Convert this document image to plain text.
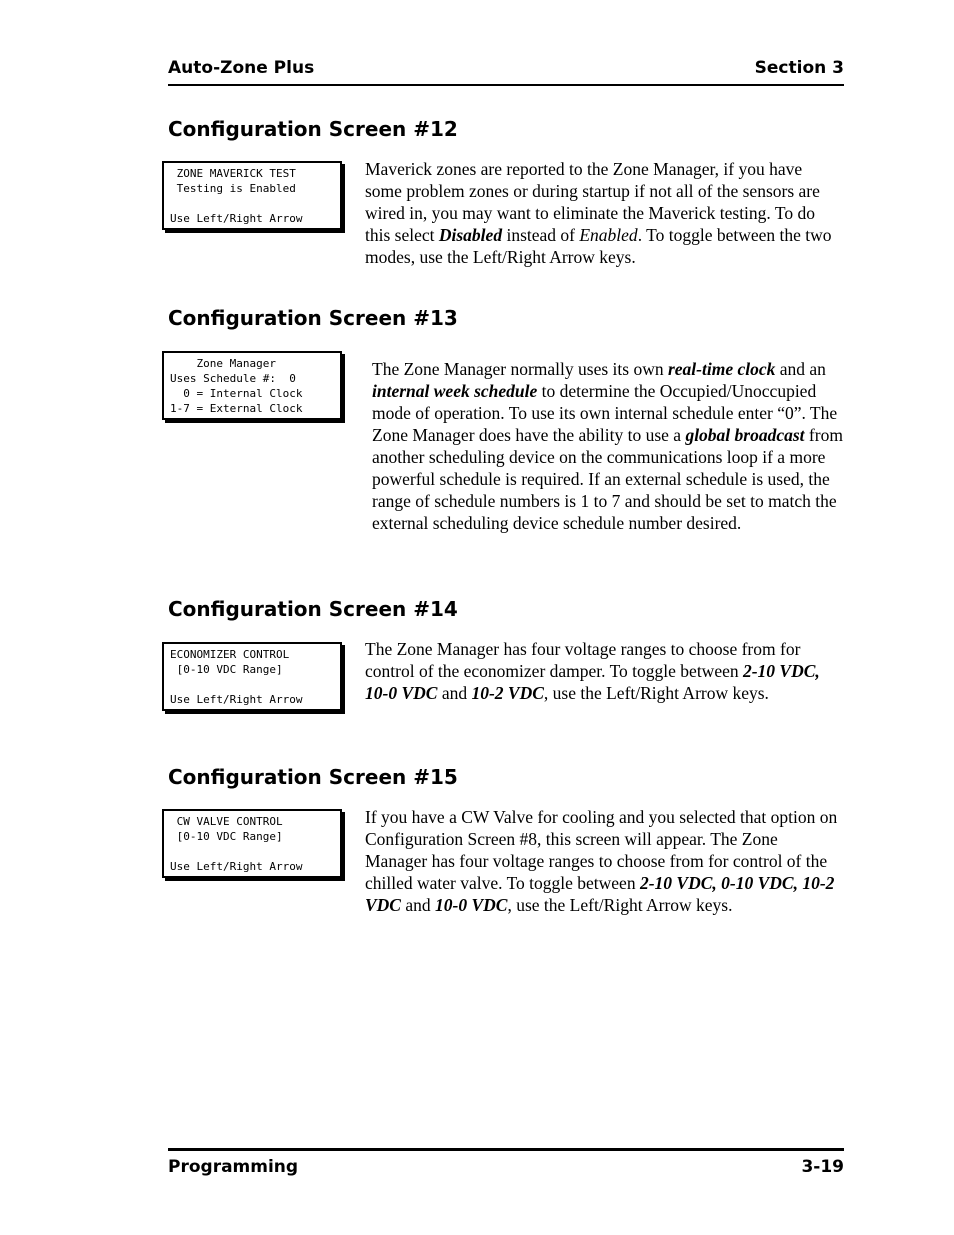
Auto-Zone Plus	Section 3
Configuration Screen #12
ZONE MAVERICK TEST
Testing is Enabled
Use Left/Right Arrow

Maverick zones are reported to the Zone Manager, if you have some problem zones or during startup if not all of the sensors are wired in, you may want to eliminate the Maverick testing. To do this select Disabled instead of Enabled. To toggle between the two modes, use the Left/Right Arrow keys.

Configuration Screen #13
Zone Manager
Uses Schedule #:  0
0 = Internal Clock
1-7 = External Clock

The Zone Manager normally uses its own real-time clock and an internal week schedule to determine the Occupied/Unoccupied mode of operation. To use its own internal schedule enter “0”. The Zone Manager does have the ability to use a global broadcast from another scheduling device on the communications loop if a more powerful schedule is required. If an external schedule is used, the range of schedule numbers is 1 to 7 and should be set to match the external scheduling device schedule number desired.

Configuration Screen #14
ECONOMIZER CONTROL
[0-10 VDC Range]
Use Left/Right Arrow

The Zone Manager has four voltage ranges to choose from for control of the economizer damper. To toggle between 2-10 VDC, 10-0 VDC and 10-2 VDC, use the Left/Right Arrow keys.

Configuration Screen #15
CW VALVE CONTROL
[0-10 VDC Range]
Use Left/Right Arrow

If you have a CW Valve for cooling and you selected that option on Configuration Screen #8, this screen will appear. The Zone Manager has four voltage ranges to choose from for control of the chilled water valve. To toggle between 2-10 VDC, 0-10 VDC, 10-2 VDC and 10-0 VDC, use the Left/Right Arrow keys.

Programming	3-19
